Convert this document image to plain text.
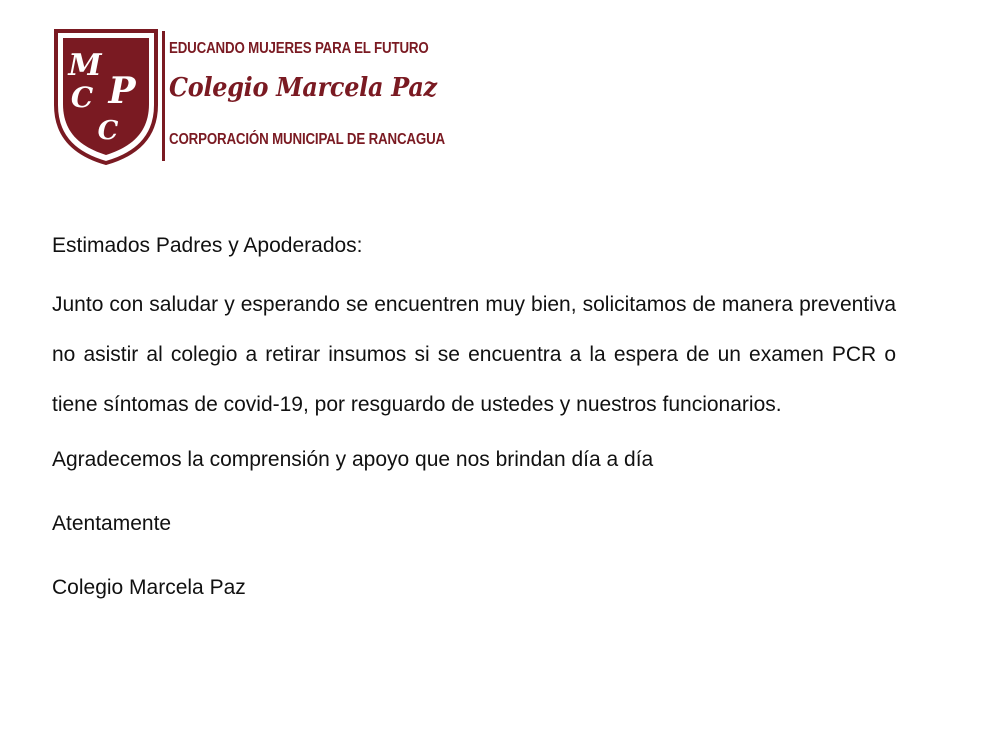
M
C P
C
EDUCANDO MUJERES PARA EL FUTURO
Colegio Marcela Paz
CORPORACIÓN MUNICIPAL DE RANCAGUA

Estimados Padres y Apoderados:

Junto con saludar y esperando se encuentren muy bien, solicitamos de manera preventiva no asistir al colegio a retirar insumos si se encuentra a la espera de un examen PCR o tiene síntomas de covid-19, por resguardo de ustedes y nuestros funcionarios.

Agradecemos la comprensión y apoyo que nos brindan día a día

Atentamente

Colegio Marcela Paz
